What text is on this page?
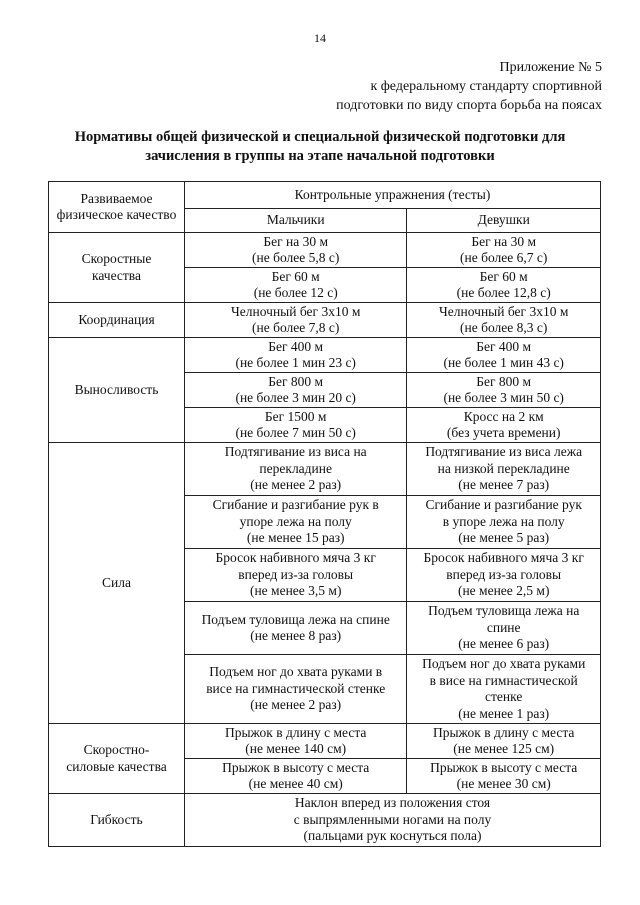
14
Приложение № 5
к федеральному стандарту спортивной
подготовки по виду спорта борьба на поясах
Нормативы общей физической и специальной физической подготовки для
зачисления в группы на этапе начальной подготовки
Развиваемое
физическое качество	Контрольные упражнения (тесты)	
	Мальчики	Девушки

Скоростные
качества	Бег на 30 м
(не более 5,8 с)	Бег на 30 м
(не более 6,7 с)

	Бег 60 м
(не более 12 с)	Бег 60 м
(не более 12,8 с)

Координация	Челночный бег 3х10 м
(не более 7,8 с)	Челночный бег 3х10 м
(не более 8,3 с)

Выносливость	Бег 400 м
(не более 1 мин 23 с)	Бег 400 м
(не более 1 мин 43 с)

	Бег 800 м
(не более 3 мин 20 с)	Бег 800 м
(не более 3 мин 50 с)

	Бег 1500 м
(не более 7 мин 50 с)	Кросс на 2 км
(без учета времени)

Сила	Подтягивание из виса на
перекладине
(не менее 2 раз)	Подтягивание из виса лежа
на низкой перекладине
(не менее 7 раз)

	Сгибание и разгибание рук в
упоре лежа на полу
(не менее 15 раз)	Сгибание и разгибание рук
в упоре лежа на полу
(не менее 5 раз)

	Бросок набивного мяча 3 кг
вперед из-за головы
(не менее 3,5 м)	Бросок набивного мяча 3 кг
вперед из-за головы
(не менее 2,5 м)

	Подъем туловища лежа на спине
(не менее 8 раз)	Подъем туловища лежа на
спине
(не менее 6 раз)

	Подъем ног до хвата руками в
висе на гимнастической стенке
(не менее 2 раз)	Подъем ног до хвата руками
в висе на гимнастической
стенке
(не менее 1 раз)

Скоростно-
силовые качества	Прыжок в длину с места
(не менее 140 см)	Прыжок в длину с места
(не менее 125 см)

	Прыжок в высоту с места
(не менее 40 см)	Прыжок в высоту с места
(не менее 30 см)

Гибкость	Наклон вперед из положения стоя
с выпрямленными ногами на полу
(пальцами рук коснуться пола)	
